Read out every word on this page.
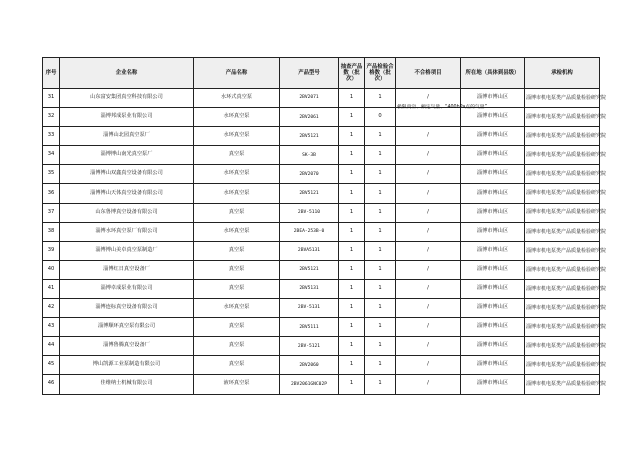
序号	企业名称	产品名称	产品型号	抽查产品数（批次）	产品检验合格数（批次）	不合格项目	所在地（具体到县级）	承检机构
31	山东富安集团真空科技有限公司	水环式真空泵	2BV2071	1	1	/	淄博市博山区	淄博市机电泵类产品质量检验研究院
32	淄博邦成泵业有限公司	水环真空泵	2BV2061	1	0	极限真空、额定气量、“400hPa点的气量”	淄博市博山区	淄博市机电泵类产品质量检验研究院
33	淄博山北园真空泵厂	水环真空泵	2BV5121	1	1	/	淄博市博山区	淄博市机电泵类产品质量检验研究院
34	淄博博山南光真空泵厂	真空泵	SK-3B	1	1	/	淄博市博山区	淄博市机电泵类产品质量检验研究院
35	淄博博山双鑫真空设备有限公司	水环真空泵	2BV2070	1	1	/	淄博市博山区	淄博市机电泵类产品质量检验研究院
36	淄博博山天体真空设备有限公司	水环真空泵	2BV5121	1	1	/	淄博市博山区	淄博市机电泵类产品质量检验研究院
37	山东鲁博真空设备有限公司	真空泵	2BV-5110	1	1	/	淄博市博山区	淄博市机电泵类产品质量检验研究院
38	淄博水环真空泵厂有限公司	水环真空泵	2BEA-253B-0	1	1	/	淄博市博山区	淄博市机电泵类产品质量检验研究院
39	淄博博山美卓真空泵制造厂	真空泵	2BVA5131	1	1	/	淄博市博山区	淄博市机电泵类产品质量检验研究院
40	淄博红日真空设备厂	真空泵	2BV5121	1	1	/	淄博市博山区	淄博市机电泵类产品质量检验研究院
41	淄博卓成泵业有限公司	真空泵	2BV5131	1	1	/	淄博市博山区	淄博市机电泵类产品质量检验研究院
42	淄博连标真空设备有限公司	水环真空泵	2BV-5131	1	1	/	淄博市博山区	淄博市机电泵类产品质量检验研究院
43	淄博顺环真空泵有限公司	真空泵	2BV5111	1	1	/	淄博市博山区	淄博市机电泵类产品质量检验研究院
44	淄博鲁腾真空设备厂	真空泵	2BV-5121	1	1	/	淄博市博山区	淄博市机电泵类产品质量检验研究院
45	博山凯源工业泵制造有限公司	真空泵	2BV2060	1	1	/	淄博市博山区	淄博市机电泵类产品质量检验研究院
46	佳维纳士机械有限公司	液环真空泵	2BV2061GNC02P	1	1	/	淄博市博山区	淄博市机电泵类产品质量检验研究院
